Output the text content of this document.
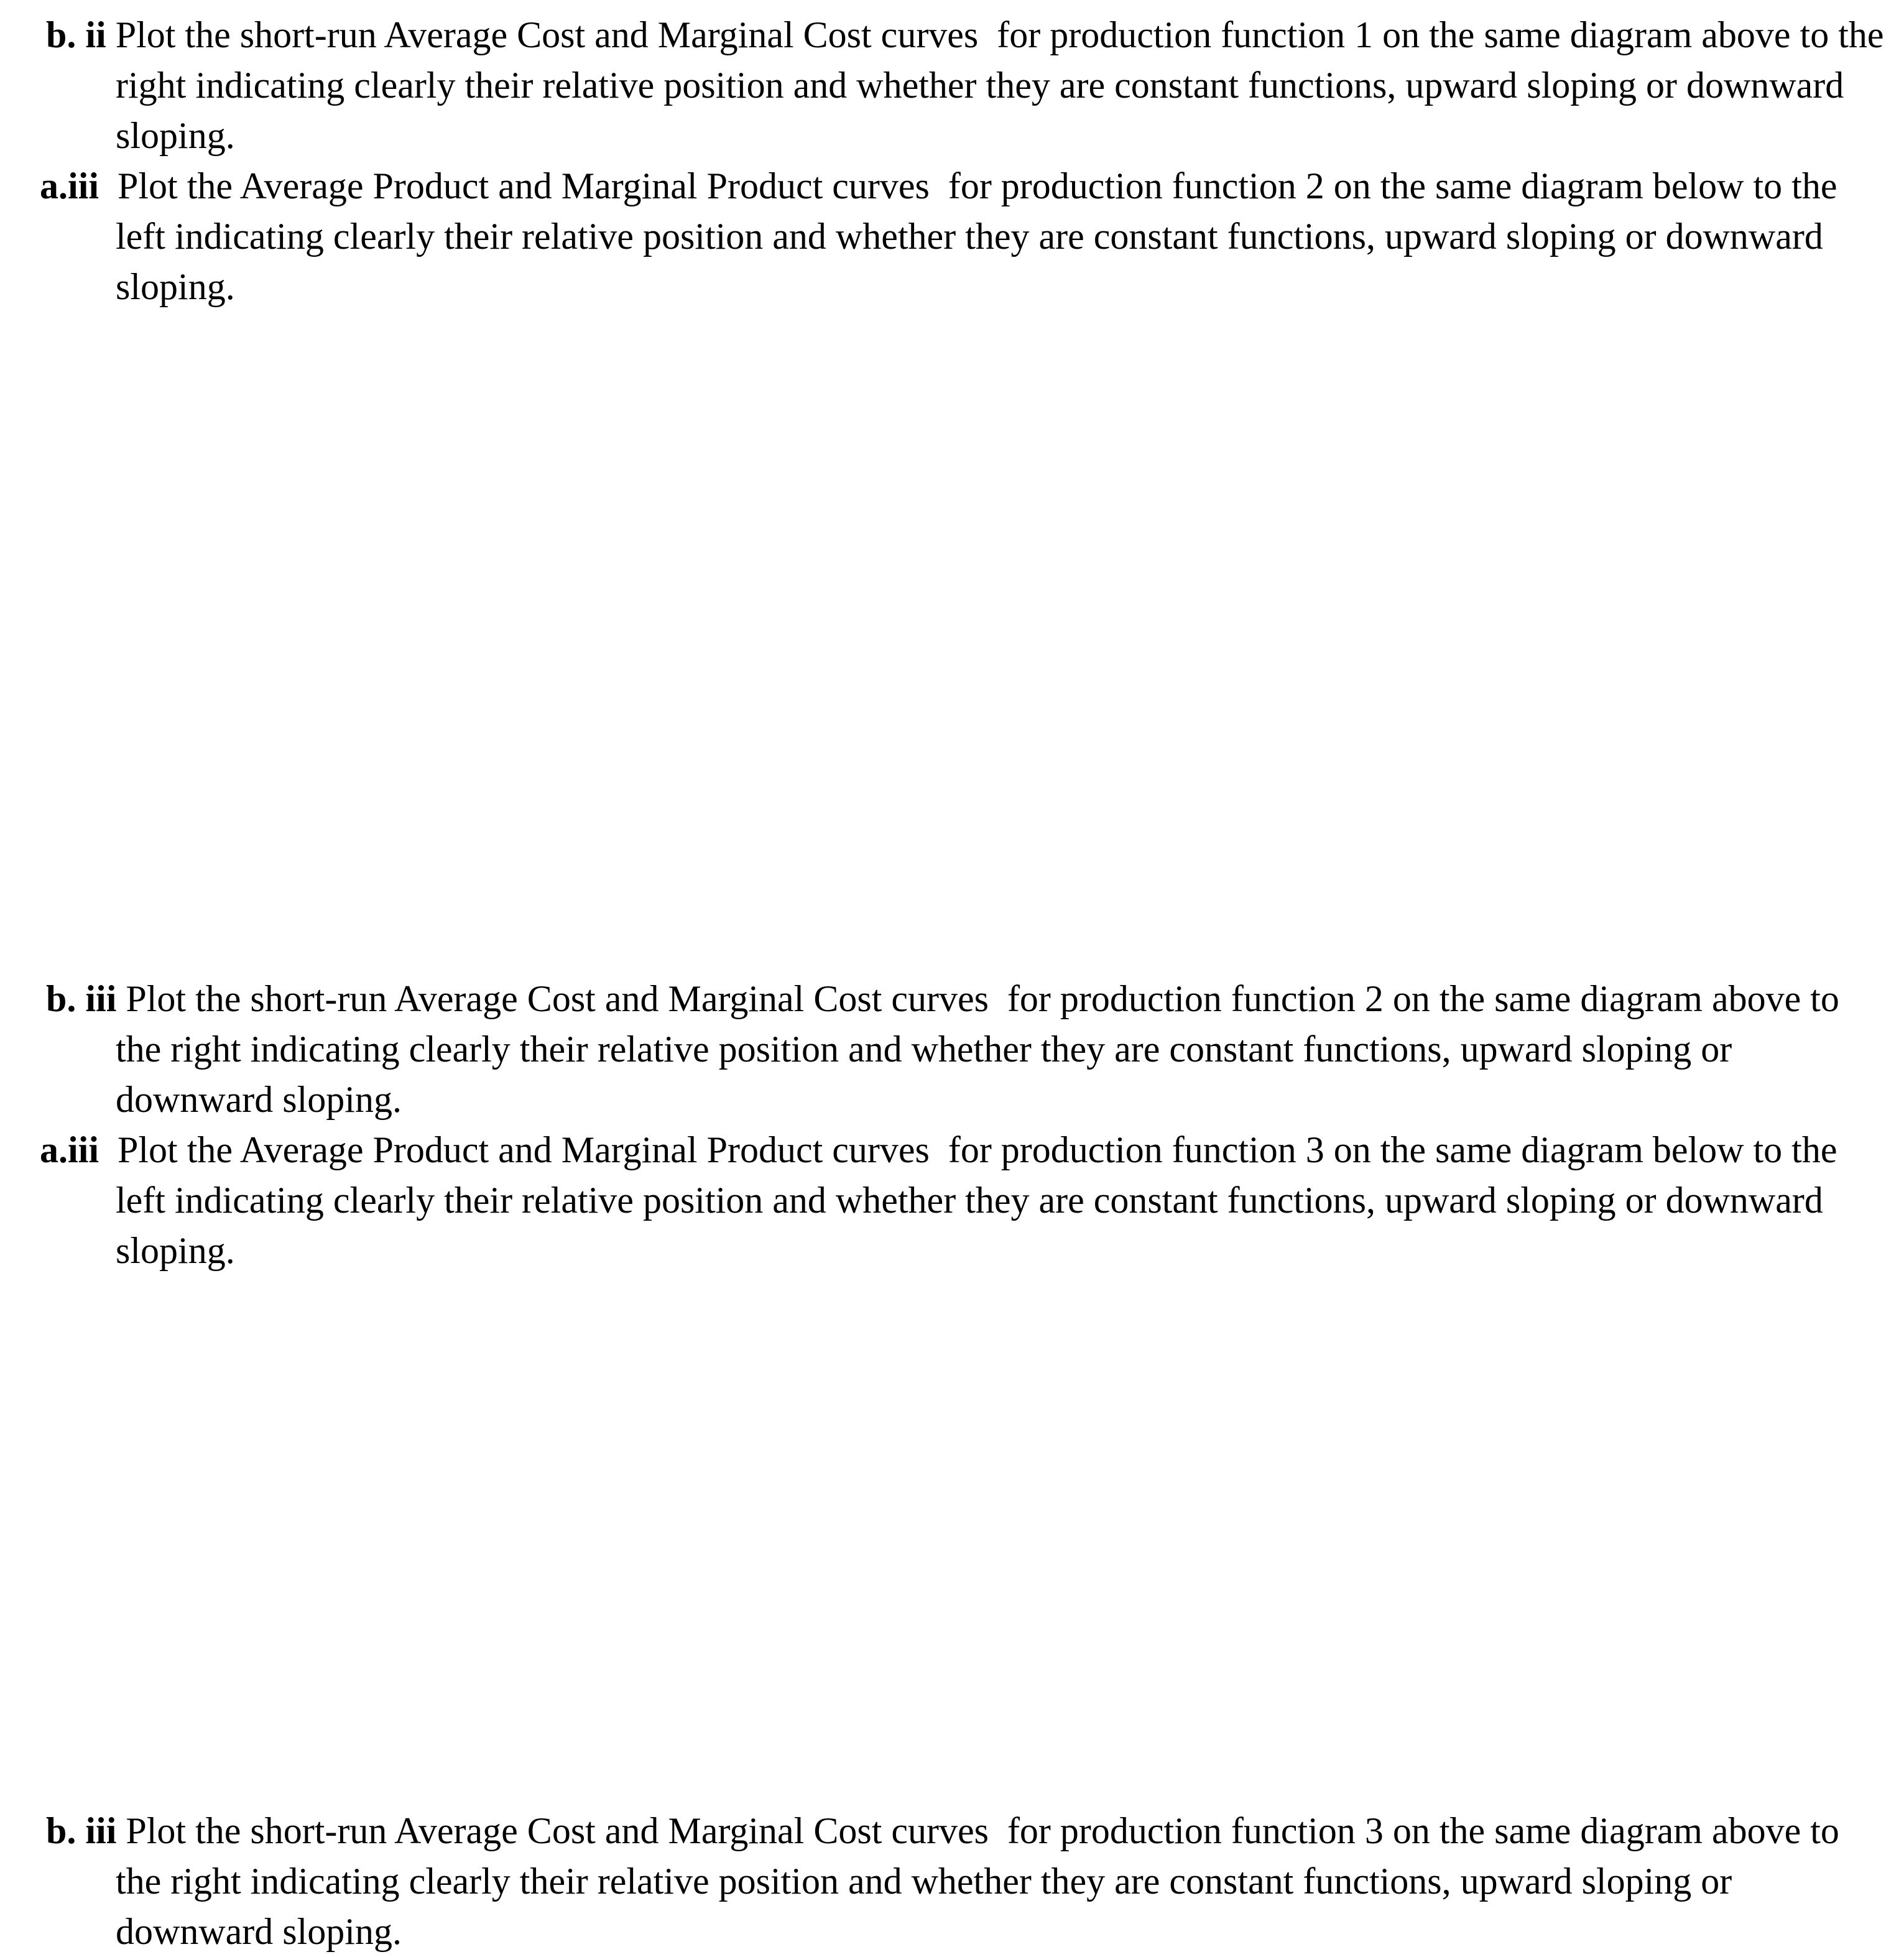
b. ii Plot the short-run Average Cost and Marginal Cost curves  for production function 1 on the same diagram above to the right indicating clearly their relative position and whether they are constant functions, upward sloping or downward sloping.

a.iii  Plot the Average Product and Marginal Product curves  for production function 2 on the same diagram below to the left indicating clearly their relative position and whether they are constant functions, upward sloping or downward sloping.

b. iii Plot the short-run Average Cost and Marginal Cost curves  for production function 2 on the same diagram above to the right indicating clearly their relative position and whether they are constant functions, upward sloping or downward sloping.

a.iii  Plot the Average Product and Marginal Product curves  for production function 3 on the same diagram below to the left indicating clearly their relative position and whether they are constant functions, upward sloping or downward sloping.

b. iii Plot the short-run Average Cost and Marginal Cost curves  for production function 3 on the same diagram above to the right indicating clearly their relative position and whether they are constant functions, upward sloping or downward sloping.
